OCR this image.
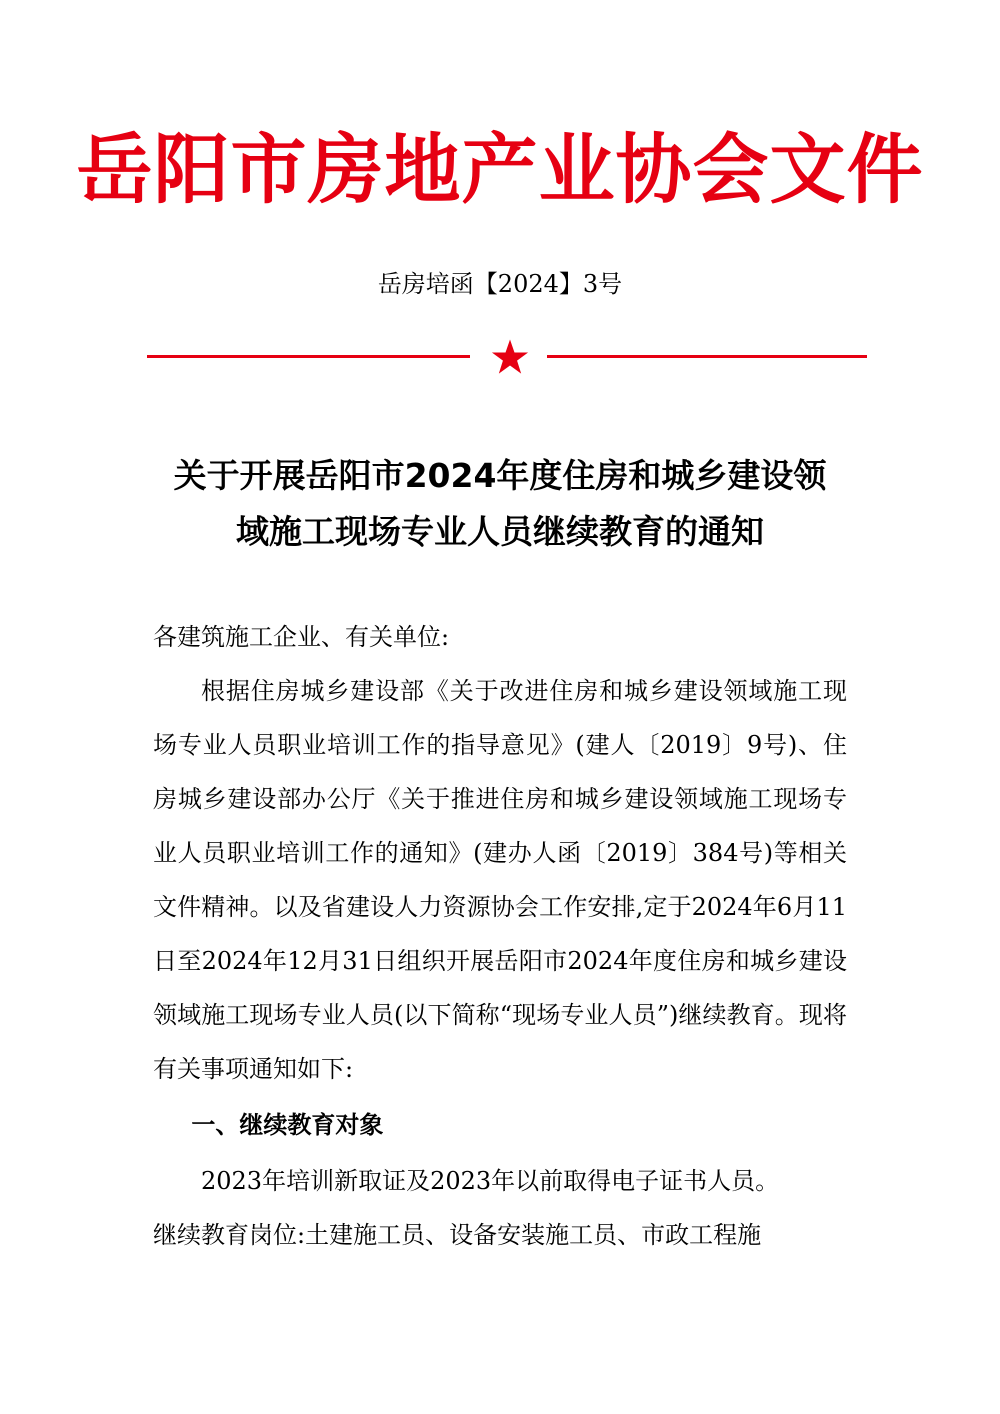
岳阳市房地产业协会文件
岳房培函【2024】3号
关于开展岳阳市2024年度住房和城乡建设领
域施工现场专业人员继续教育的通知
各建筑施工企业、有关单位:

根据住房城乡建设部《关于改进住房和城乡建设领域施工现场专业人员职业培训工作的指导意见》(建人〔2019〕9号)、住房城乡建设部办公厅《关于推进住房和城乡建设领域施工现场专业人员职业培训工作的通知》(建办人函〔2019〕384号)等相关文件精神。以及省建设人力资源协会工作安排,定于2024年6月11日至2024年12月31日组织开展岳阳市2024年度住房和城乡建设领域施工现场专业人员(以下简称“现场专业人员”)继续教育。现将有关事项通知如下:

一、继续教育对象

2023年培训新取证及2023年以前取得电子证书人员。

继续教育岗位:土建施工员、设备安装施工员、市政工程施
